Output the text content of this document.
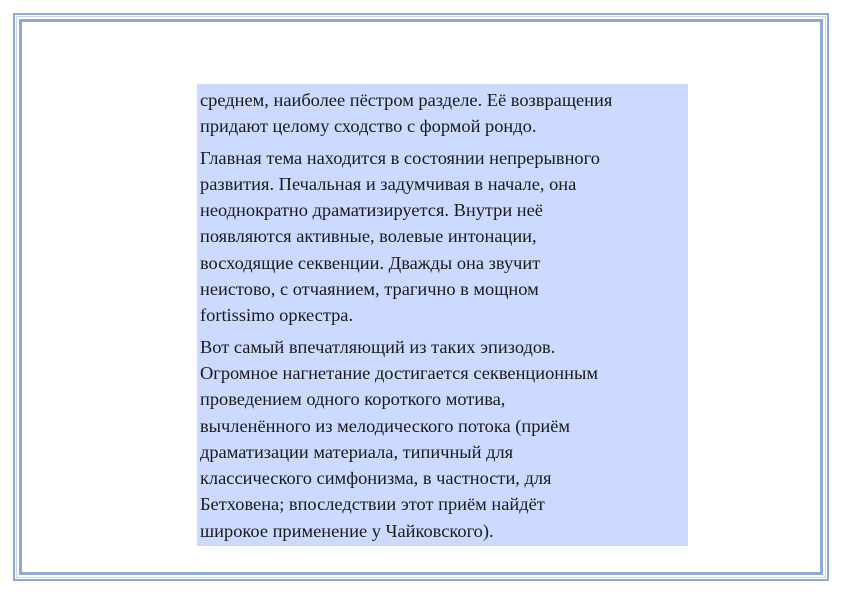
среднем, наиболее пёстром разделе. Её возвращения
придают целому сходство с формой рондо.

Главная тема находится в состоянии непрерывного
развития. Печальная и задумчивая в начале, она
неоднократно драматизируется. Внутри неё
появляются активные, волевые интонации,
восходящие секвенции. Дважды она звучит
неистово, с отчаянием, трагично в мощном
fortissimo оркестра.

Вот самый впечатляющий из таких эпизодов.
Огромное нагнетание достигается секвенционным
проведением одного короткого мотива,
вычленённого из мелодического потока (приём
драматизации материала, типичный для
классического симфонизма, в частности, для
Бетховена; впоследствии этот приём найдёт
широкое применение у Чайковского).
